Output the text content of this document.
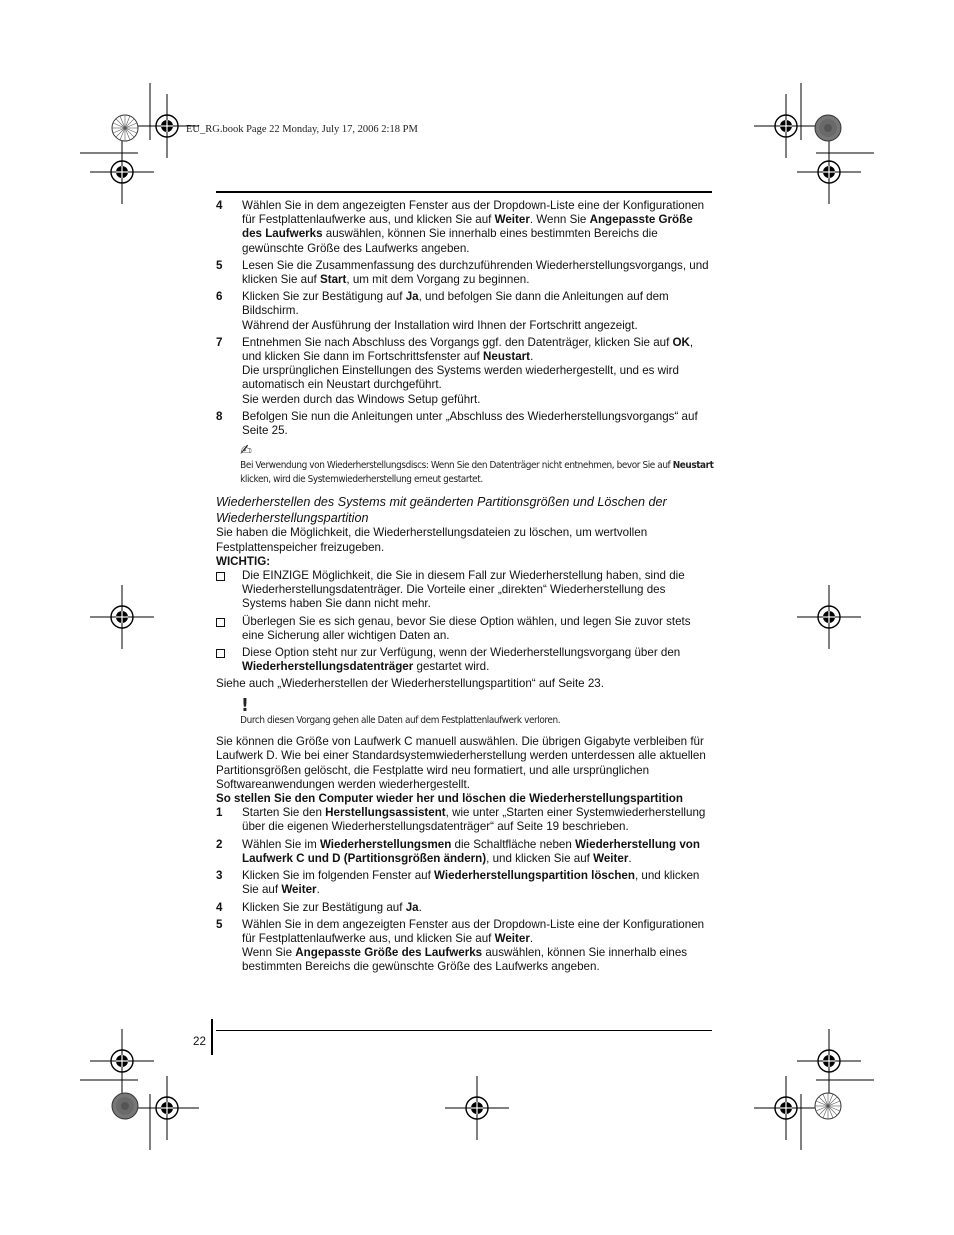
EU_RG.book Page 22 Monday, July 17, 2006 2:18 PM
4 Wählen Sie in dem angezeigten Fenster aus der Dropdown-Liste eine der Konfigurationen für Festplattenlaufwerke aus, und klicken Sie auf Weiter. Wenn Sie Angepasste Größe des Laufwerks auswählen, können Sie innerhalb eines bestimmten Bereichs die gewünschte Größe des Laufwerks angeben.
5 Lesen Sie die Zusammenfassung des durchzuführenden Wiederherstellungsvorgangs, und klicken Sie auf Start, um mit dem Vorgang zu beginnen.
6 Klicken Sie zur Bestätigung auf Ja, und befolgen Sie dann die Anleitungen auf dem Bildschirm.
Während der Ausführung der Installation wird Ihnen der Fortschritt angezeigt.
7 Entnehmen Sie nach Abschluss des Vorgangs ggf. den Datenträger, klicken Sie auf OK, und klicken Sie dann im Fortschrittsfenster auf Neustart.
Die ursprünglichen Einstellungen des Systems werden wiederhergestellt, und es wird automatisch ein Neustart durchgeführt.
Sie werden durch das Windows Setup geführt.
8 Befolgen Sie nun die Anleitungen unter „Abschluss des Wiederherstellungsvorgangs“ auf Seite 25.
✍
Bei Verwendung von Wiederherstellungsdiscs: Wenn Sie den Datenträger nicht entnehmen, bevor Sie auf Neustart klicken, wird die Systemwiederherstellung erneut gestartet.

Wiederherstellen des Systems mit geänderten Partitionsgrößen und Löschen der Wiederherstellungspartition

Sie haben die Möglichkeit, die Wiederherstellungsdateien zu löschen, um wertvollen Festplattenspeicher freizugeben.

WICHTIG:

Die EINZIGE Möglichkeit, die Sie in diesem Fall zur Wiederherstellung haben, sind die Wiederherstellungsdatenträger. Die Vorteile einer „direkten“ Wiederherstellung des Systems haben Sie dann nicht mehr.
Überlegen Sie es sich genau, bevor Sie diese Option wählen, und legen Sie zuvor stets eine Sicherung aller wichtigen Daten an.
Diese Option steht nur zur Verfügung, wenn der Wiederherstellungsvorgang über den Wiederherstellungsdatenträger gestartet wird.

Siehe auch „Wiederherstellen der Wiederherstellungspartition“ auf Seite 23.

!
Durch diesen Vorgang gehen alle Daten auf dem Festplattenlaufwerk verloren.

Sie können die Größe von Laufwerk C manuell auswählen. Die übrigen Gigabyte verbleiben für Laufwerk D. Wie bei einer Standardsystemwiederherstellung werden unterdessen alle aktuellen Partitionsgrößen gelöscht, die Festplatte wird neu formatiert, und alle ursprünglichen Softwareanwendungen werden wiederhergestellt.

So stellen Sie den Computer wieder her und löschen die Wiederherstellungspartition

1 Starten Sie den Herstellungsassistent, wie unter „Starten einer Systemwiederherstellung über die eigenen Wiederherstellungsdatenträger“ auf Seite 19 beschrieben.
2 Wählen Sie im Wiederherstellungsmen die Schaltfläche neben Wiederherstellung von Laufwerk C und D (Partitionsgrößen ändern), und klicken Sie auf Weiter.
3 Klicken Sie im folgenden Fenster auf Wiederherstellungspartition löschen, und klicken Sie auf Weiter.
4 Klicken Sie zur Bestätigung auf Ja.
5 Wählen Sie in dem angezeigten Fenster aus der Dropdown-Liste eine der Konfigurationen für Festplattenlaufwerke aus, und klicken Sie auf Weiter.
Wenn Sie Angepasste Größe des Laufwerks auswählen, können Sie innerhalb eines bestimmten Bereichs die gewünschte Größe des Laufwerks angeben.
22
